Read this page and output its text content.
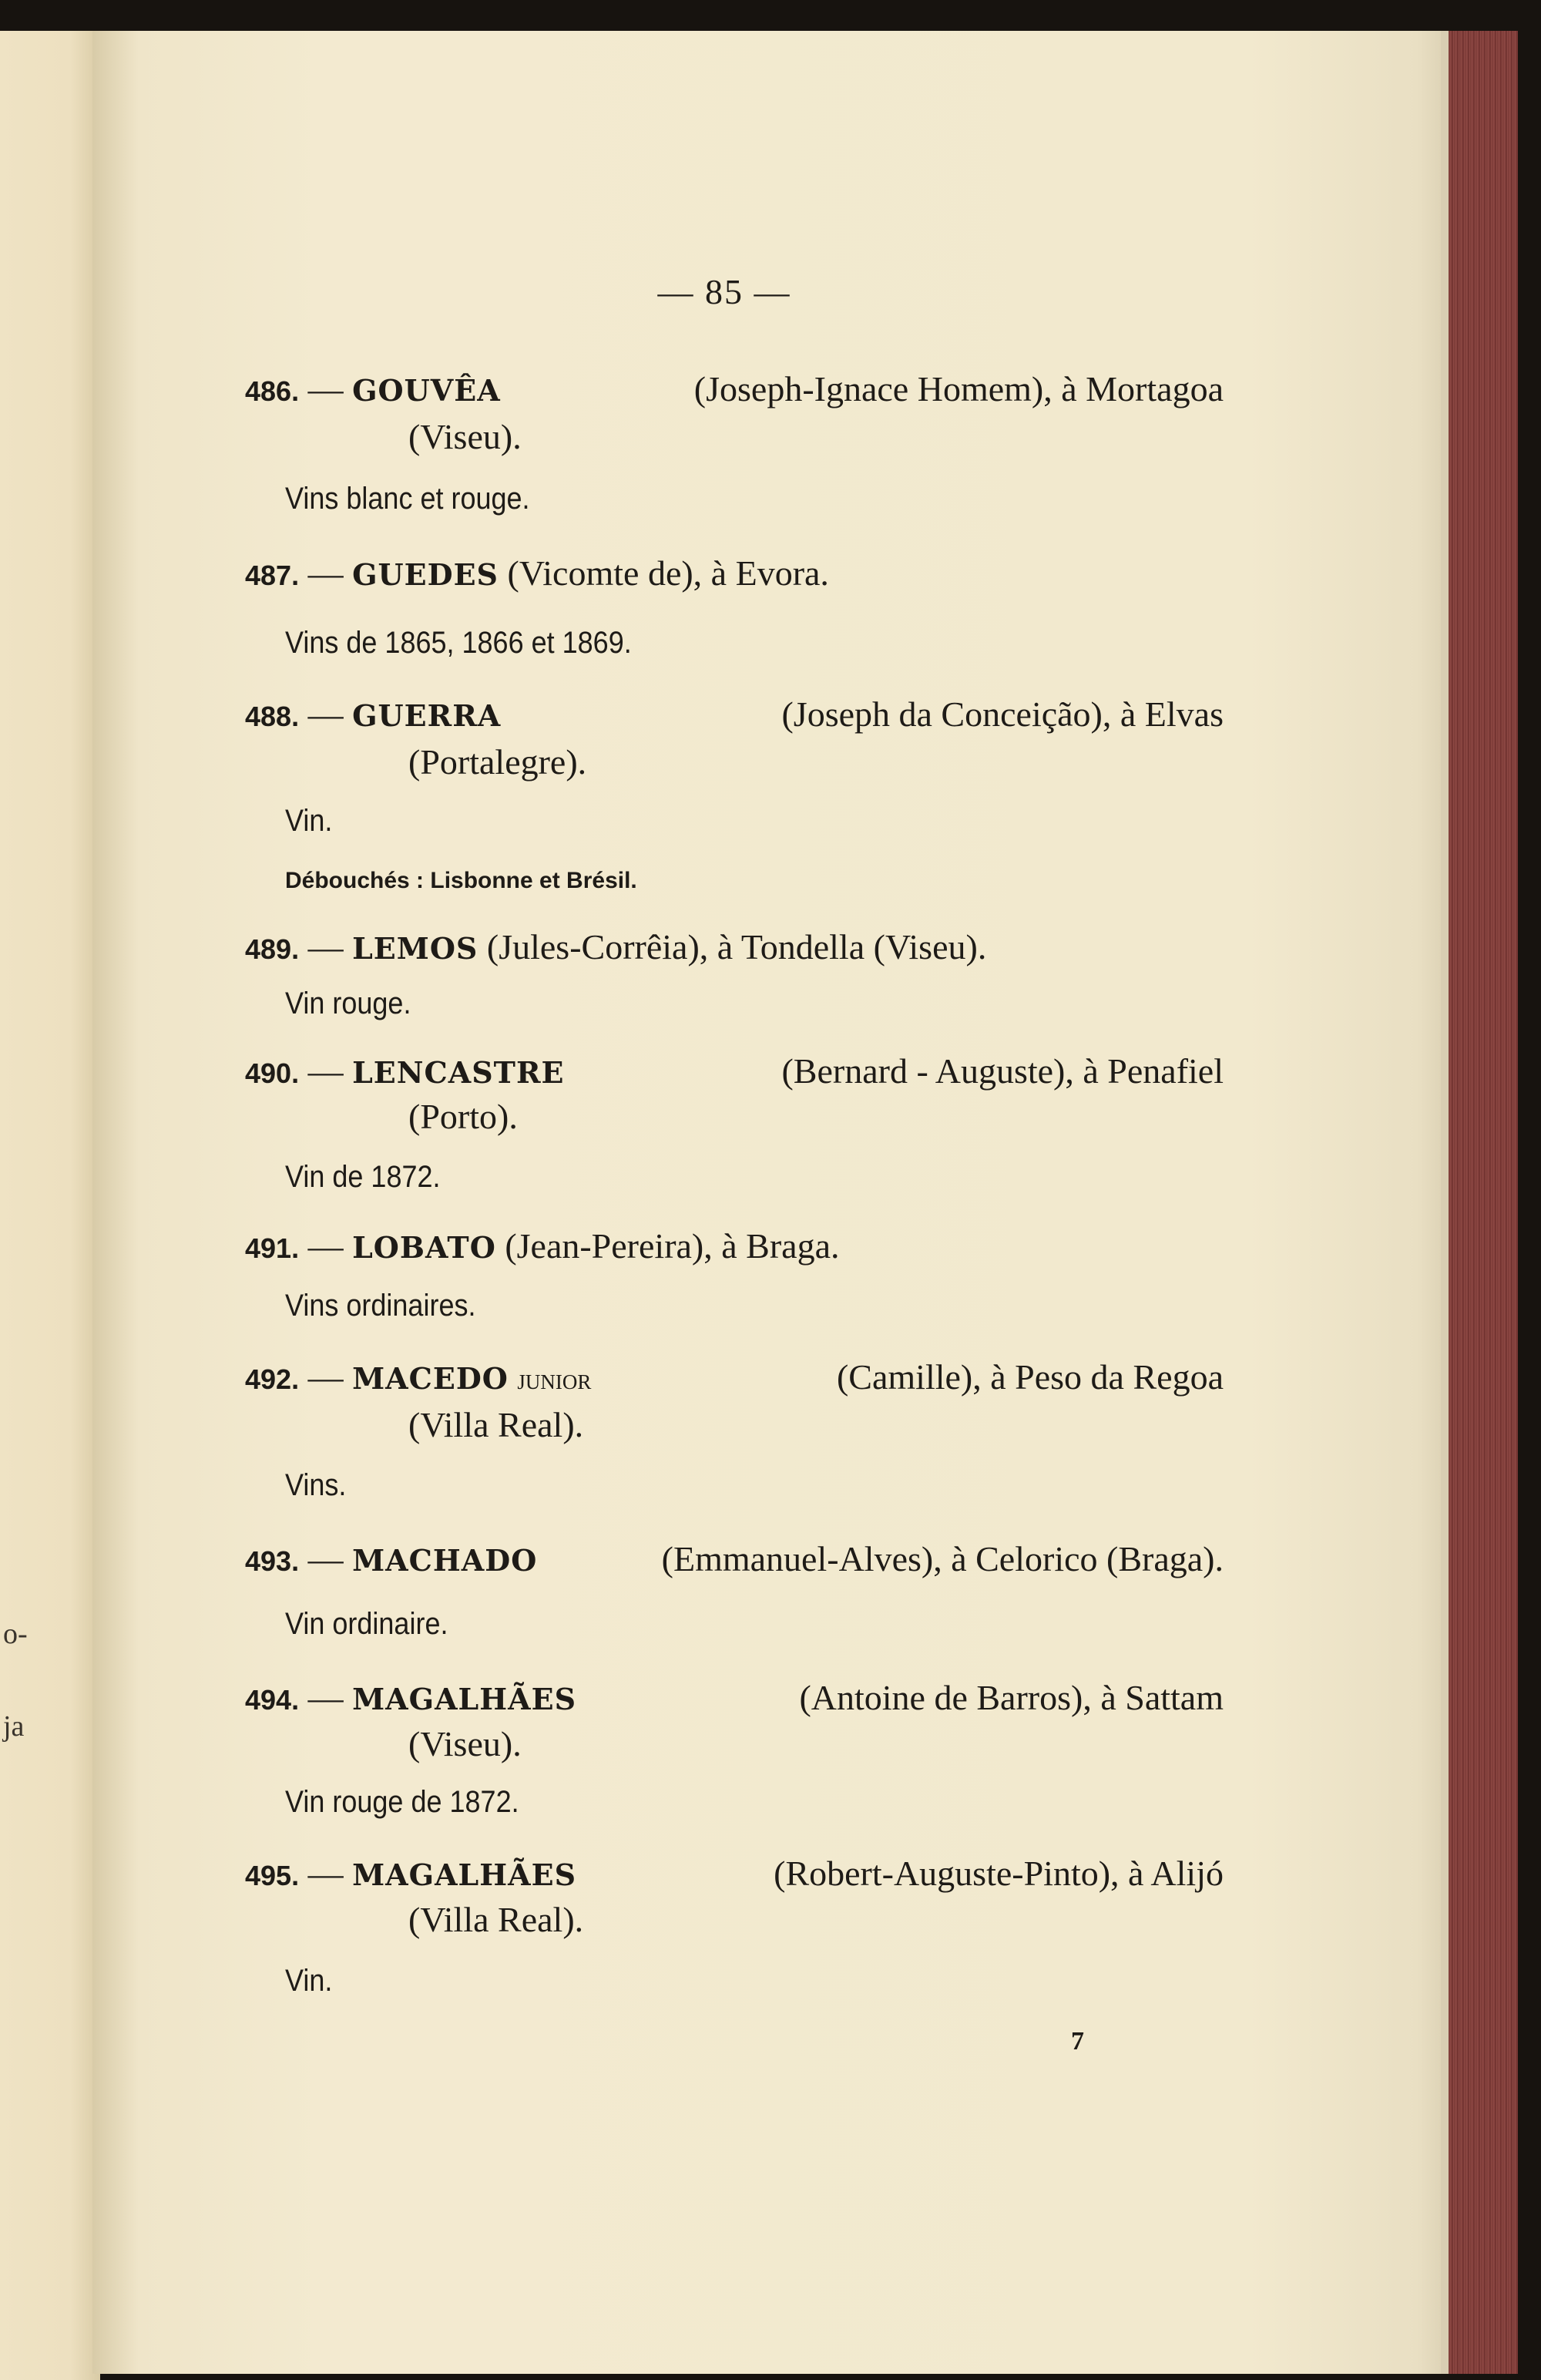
o-
ja
— 85 —
486. — GOUVÊA	(Joseph-Ignace Homem), à Mortagoa
(Viseu).
Vins blanc et rouge.
487. — GUEDES (Vicomte de), à Evora.
Vins de 1865, 1866 et 1869.
488. — GUERRA	(Joseph da Conceição), à Elvas
(Portalegre).
Vin.
Débouchés : Lisbonne et Brésil.
489. — LEMOS (Jules-Corrêia), à Tondella (Viseu).
Vin rouge.
490. — LENCASTRE	(Bernard - Auguste), à Penafiel
(Porto).
Vin de 1872.
491. — LOBATO (Jean-Pereira), à Braga.
Vins ordinaires.
492. — MACEDO junior	(Camille), à Peso da Regoa
(Villa Real).
Vins.
493. — MACHADO	(Emmanuel-Alves), à Celorico (Braga).
Vin ordinaire.
494. — MAGALHÃES	(Antoine de Barros), à Sattam
(Viseu).
Vin rouge de 1872.
495. — MAGALHÃES	(Robert-Auguste-Pinto), à Alijó
(Villa Real).
Vin.
7
